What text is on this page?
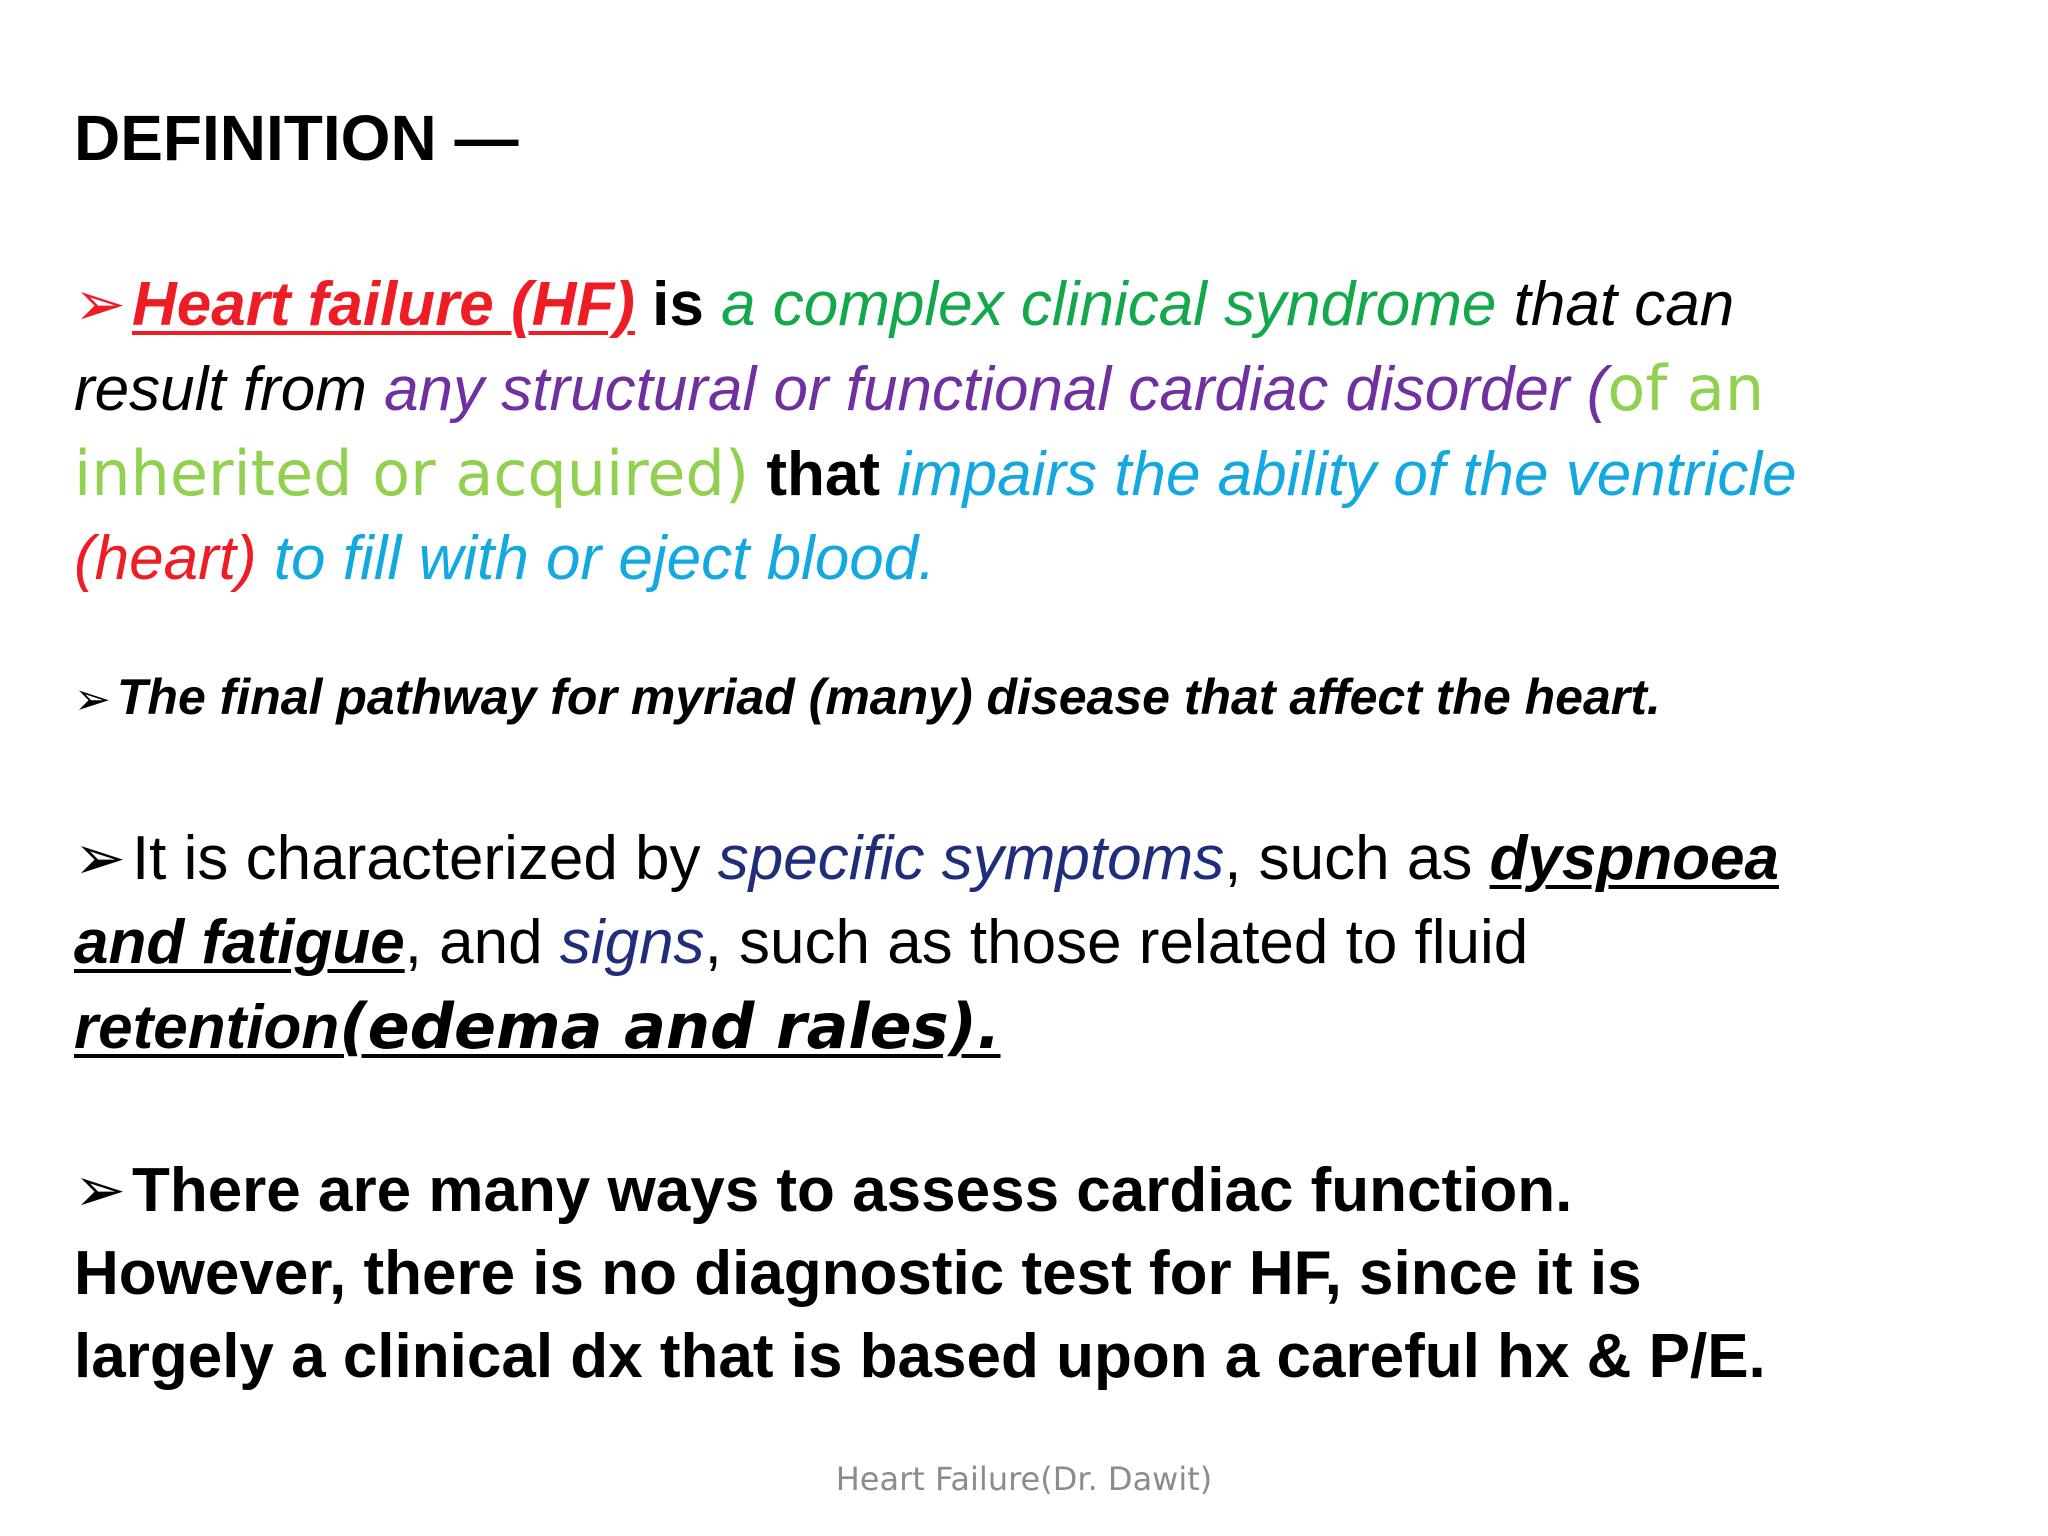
DEFINITION —
➢Heart failure (HF) is a complex clinical syndrome that can
result from any structural or functional cardiac disorder (of an
inherited or acquired) that impairs the ability of the ventricle
(heart) to fill with or eject blood.
➢ The final pathway for myriad (many) disease that affect the heart.
➢It is characterized by specific symptoms, such as dyspnoea
and fatigue, and signs, such as those related to fluid
retention(edema and rales).
➢There are many ways to assess cardiac function.
However, there is no diagnostic test for HF, since it is
largely a clinical dx that is based upon a careful hx & P/E.
Heart Failure(Dr. Dawit)
